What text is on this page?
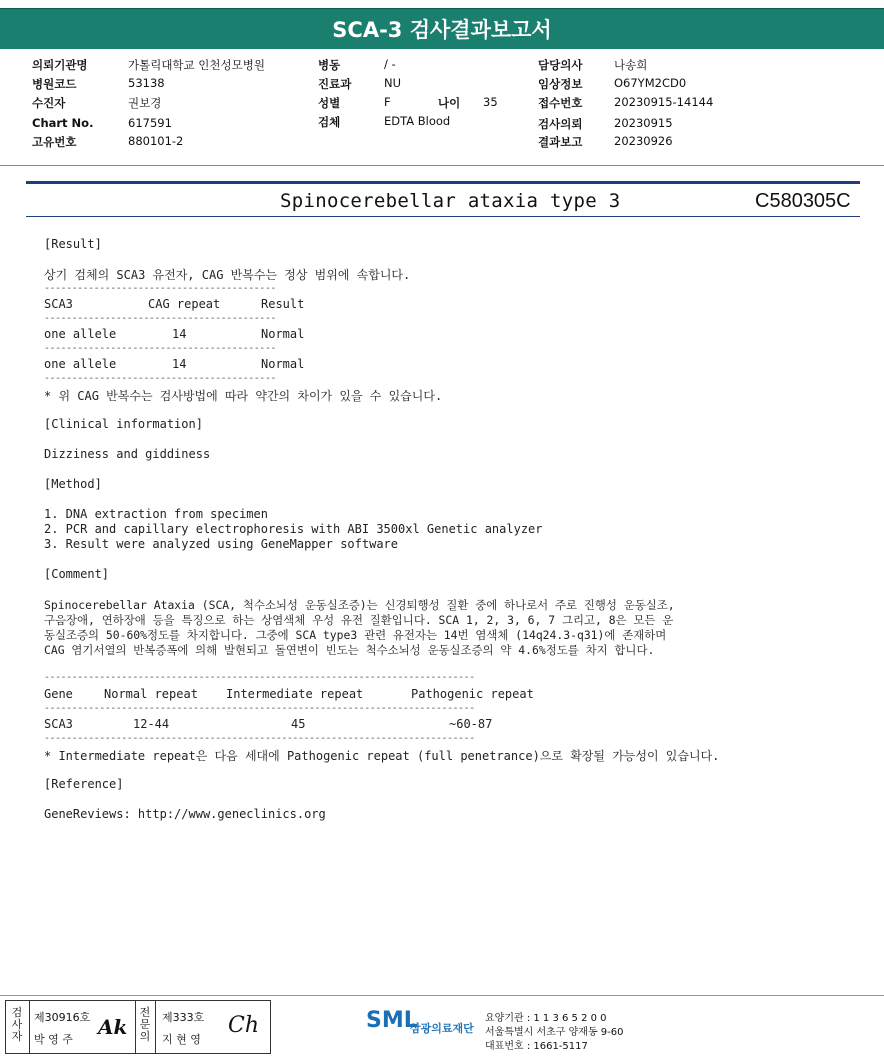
SCA-3 검사결과보고서
의뢰기관명	가톨릭대학교 인천성모병원
병원코드	53138
수진자	권보경
Chart No.	617591
고유번호	880101-2
병동	/ -
진료과	NU
성별	F	나이 35
검체	EDTA Blood
담당의사	나송희
임상정보	O67YM2CD0
접수번호	20230915-14144
검사의뢰	20230915
결과보고	20230926
Spinocerebellar ataxia type 3	C580305C
[Result]
상기 검체의 SCA3 유전자, CAG 반복수는 정상 범위에 속합니다.
------------------------------------------
SCA3	CAG repeat	Result
------------------------------------------
one allele	14	Normal
------------------------------------------
one allele	14	Normal
------------------------------------------
* 위 CAG 반복수는 검사방법에 따라 약간의 차이가 있을 수 있습니다.
[Clinical information]
Dizziness and giddiness
[Method]
1. DNA extraction from specimen
2. PCR and capillary electrophoresis with ABI 3500xl Genetic analyzer
3. Result were analyzed using GeneMapper software
[Comment]
Spinocerebellar Ataxia (SCA, 척수소뇌성 운동실조증)는 신경퇴행성 질환 중에 하나로서 주로 진행성 운동실조,
구음장애, 연하장애 등을 특징으로 하는 상염색체 우성 유전 질환입니다. SCA 1, 2, 3, 6, 7 그리고, 8은 모든 운
동실조증의 50-60%정도를 차지합니다. 그중에 SCA type3 관련 유전자는 14번 염색체 (14q24.3-q31)에 존재하며
CAG 염기서열의 반복증폭에 의해 발현되고 돌연변이 빈도는 척수소뇌성 운동실조증의 약 4.6%정도를 차지 합니다.
------------------------------------------------------------------------------
Gene	Normal repeat Intermediate repeat	Pathogenic repeat
------------------------------------------------------------------------------
SCA3	12-44	45	~60-87
------------------------------------------------------------------------------
* Intermediate repeat은 다음 세대에 Pathogenic repeat (full penetrance)으로 확장될 가능성이 있습니다.
[Reference]
GeneReviews: http://www.geneclinics.org
검사자
제30916호
박 영 주
Ak
전문의
제333호
지 현 영
Ch	SML
삼광의료재단
요양기관 : 1 1 3 6 5 2 0 0
서울특별시 서초구 양재동 9-60
대표번호 : 1661-5117
